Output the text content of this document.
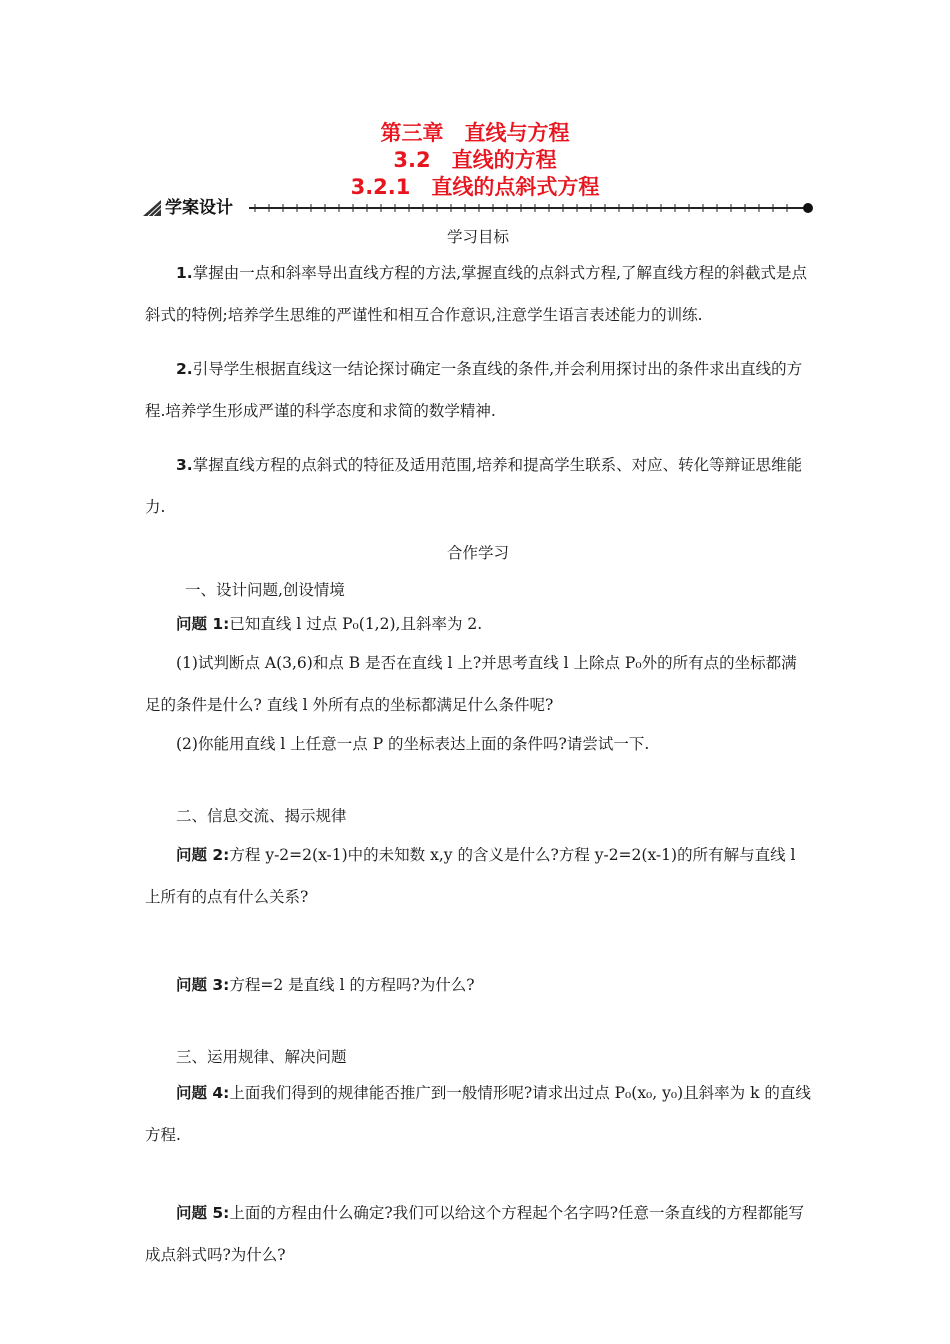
第三章　直线与方程
3.2　直线的方程
3.2.1　直线的点斜式方程
学案设计

学习目标

1.掌握由一点和斜率导出直线方程的方法,掌握直线的点斜式方程,了解直线方程的斜截式是点斜式的特例;培养学生思维的严谨性和相互合作意识,注意学生语言表述能力的训练.

2.引导学生根据直线这一结论探讨确定一条直线的条件,并会利用探讨出的条件求出直线的方程.培养学生形成严谨的科学态度和求简的数学精神.

3.掌握直线方程的点斜式的特征及适用范围,培养和提高学生联系、对应、转化等辩证思维能力.

合作学习

一、设计问题,创设情境

问题 1:已知直线 l 过点 P₀(1,2),且斜率为 2.

(1)试判断点 A(3,6)和点 B 是否在直线 l 上?并思考直线 l 上除点 P₀外的所有点的坐标都满足的条件是什么? 直线 l 外所有点的坐标都满足什么条件呢?

(2)你能用直线 l 上任意一点 P 的坐标表达上面的条件吗?请尝试一下.

二、信息交流、揭示规律

问题 2:方程 y-2=2(x-1)中的未知数 x,y 的含义是什么?方程 y-2=2(x-1)的所有解与直线 l 上所有的点有什么关系?

问题 3:方程=2 是直线 l 的方程吗?为什么?

三、运用规律、解决问题

问题 4:上面我们得到的规律能否推广到一般情形呢?请求出过点 P₀(x₀, y₀)且斜率为 k 的直线方程.

问题 5:上面的方程由什么确定?我们可以给这个方程起个名字吗?任意一条直线的方程都能写成点斜式吗?为什么?
